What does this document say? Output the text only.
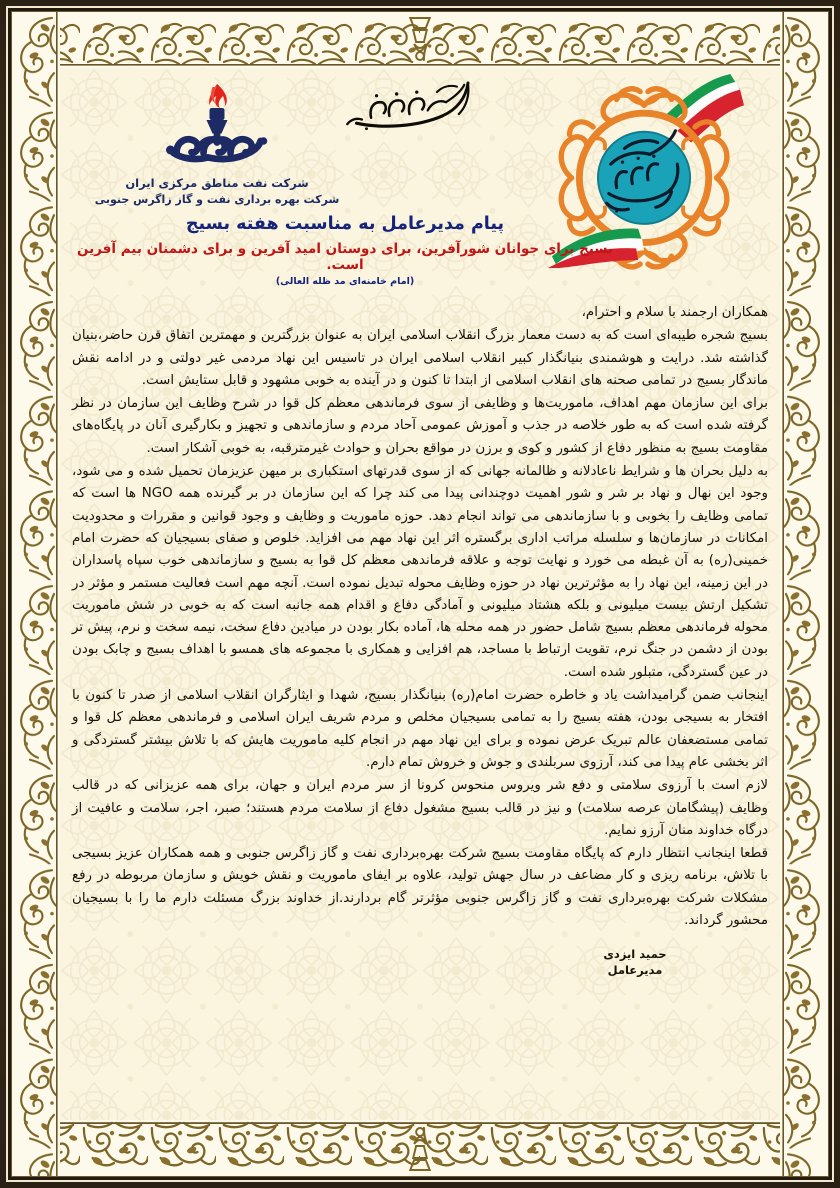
شرکت نفت مناطق مرکزی ایران
شرکت بهره برداری نفت و گاز زاگرس جنوبی
پیام مدیرعامل به مناسبت هفته بسیج
بسیج برای جوانان شورآفرین، برای دوستان امید آفرین و برای دشمنان بیم آفرین است.
(امام خامنه‌ای مد ظله العالی)

همکاران ارجمند با سلام و احترام،

بسیج شجره طیبه‌ای است که به دست معمار بزرگ انقلاب اسلامی ایران به عنوان بزرگترین و مهمترین اتفاق قرن حاضر،بنیان گذاشته شد. درایت و هوشمندی بنیانگذار کبیر انقلاب اسلامی ایران در تاسیس این نهاد مردمی غیر دولتی و در ادامه نقش ماندگار بسیج در تمامی صحنه های انقلاب اسلامی از ابتدا تا کنون و در آینده به خوبی مشهود و قابل ستایش است.

برای این سازمان مهم اهداف، ماموریت‌ها و وظایفی از سوی فرماندهی معظم کل قوا در شرح وظایف این سازمان در نظر گرفته شده است که به طور خلاصه در جذب و آموزش عمومی آحاد مردم و سازماندهی و تجهیز و بکارگیری آنان در پایگاه‌های مقاومت بسیج به منظور دفاع از کشور و کوی و برزن در مواقع بحران و حوادث غیرمترقبه، به خوبی آشکار است.

به دلیل بحران ها و شرایط ناعادلانه و ظالمانه جهانی که از سوی قدرتهای استکباری بر میهن عزیزمان تحمیل شده و می شود، وجود این نهال و نهاد بر شر و شور اهمیت دوچندانی پیدا می کند چرا که این سازمان در بر گیرنده همه NGO ها است که تمامی وظایف را بخوبی و با سازماندهی می تواند انجام دهد. حوزه ماموریت و وظایف و وجود قوانین و مقررات و محدودیت امکانات در سازمان‌ها و سلسله مراتب اداری برگستره اثر این نهاد مهم می افزاید. خلوص و صفای بسیجیان که حضرت امام خمینی(ره) به آن غبطه می خورد و نهایت توجه و علاقه فرماندهی معظم کل قوا به بسیج و سازماندهی خوب سپاه پاسداران در این زمینه، این نهاد را به مؤثرترین نهاد در حوزه وظایف محوله تبدیل نموده است. آنچه مهم است فعالیت مستمر و مؤثر در تشکیل ارتش بیست میلیونی و بلکه هشتاد میلیونی و آمادگی دفاع و اقدام همه جانبه است که به خوبی در شش ماموریت محوله فرماندهی معظم بسیج شامل حضور در همه محله ها، آماده بکار بودن در میادین دفاع سخت، نیمه سخت و نرم، پیش تر بودن از دشمن در جنگ نرم، تقویت ارتباط با مساجد، هم افزایی و همکاری با مجموعه های همسو با اهداف بسیج و چابک بودن در عین گستردگی، متبلور شده است.

اینجانب ضمن گرامیداشت یاد و خاطره حضرت امام(ره) بنیانگذار بسیج، شهدا و ایثارگران انقلاب اسلامی از صدر تا کنون با افتخار به بسیجی بودن، هفته بسیج را به تمامی بسیجیان مخلص و مردم شریف ایران اسلامی و فرماندهی معظم کل قوا و تمامی مستضعفان عالم تبریک عرض نموده و برای این نهاد مهم در انجام کلیه ماموریت هایش که با تلاش بیشتر گستردگی و اثر بخشی عام پیدا می کند، آرزوی سربلندی و جوش و خروش تمام دارم.

لازم است با آرزوی سلامتی و دفع شر ویروس منحوس کرونا از سر مردم ایران و جهان، برای همه عزیزانی که در قالب وظایف (پیشگامان عرصه سلامت) و نیز در قالب بسیج مشغول دفاع از سلامت مردم هستند؛ صبر، اجر، سلامت و عافیت از درگاه خداوند منان آرزو نمایم.

قطعا اینجانب انتظار دارم که پایگاه مقاومت بسیج شرکت بهره‌برداری نفت و گاز زاگرس جنوبی و همه همکاران عزیز بسیجی با تلاش، برنامه ریزی و کار مضاعف در سال جهش تولید، علاوه بر ایفای ماموریت و نقش خویش و سازمان مربوطه در رفع مشکلات شرکت بهره‌برداری نفت و گاز زاگرس جنوبی مؤثرتر گام بردارند.از خداوند بزرگ مسئلت دارم ما را با بسیجیان محشور گرداند.

حمید ایزدی
مدیرعامل
